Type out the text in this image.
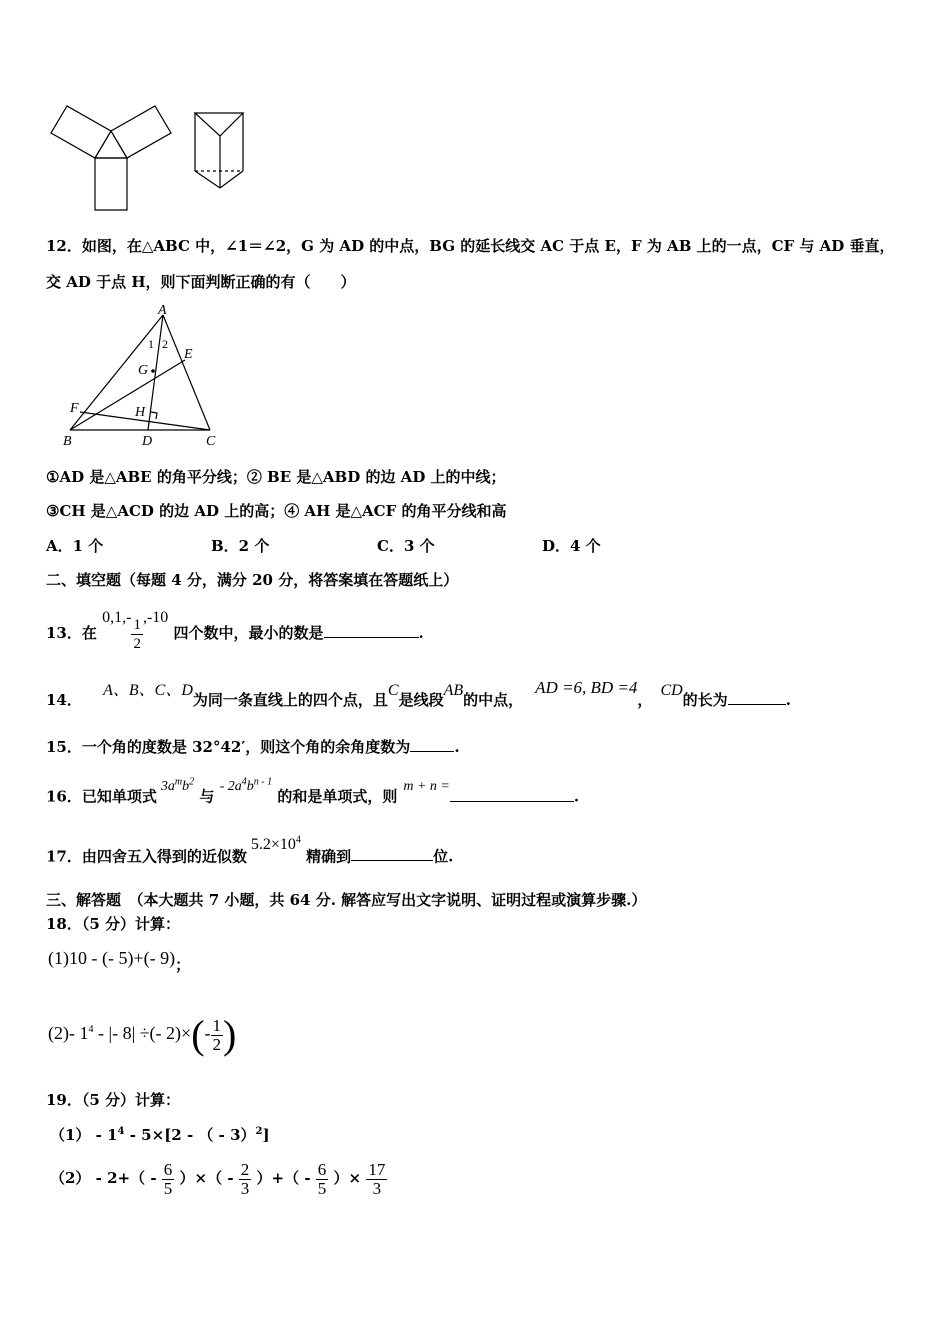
12．如图，在△ABC 中，∠1＝∠2，G 为 AD 的中点，BG 的延长线交 AC 于点 E，F 为 AB 上的一点，CF 与 AD 垂直，
交 AD 于点 H，则下面判断正确的有（　　）
A
B	C
D
E
F
G
H
1 2
①AD 是△ABE 的角平分线；② BE 是△ABD 的边 AD 上的中线；
③CH 是△ACD 的边 AD 上的高；④ AH 是△ACF 的角平分线和高
A．1 个	B．2 个	C．3 个	D．4 个
二、填空题（每题 4 分，满分 20 分，将答案填在答题纸上）
13．在 $0,1,- \frac{1}{2} ,-10$ 四个数中，最小的数是	.
14． A、B、C、D为同一条直线上的四个点，且C是线段AB的中点，AD =6, BD =4，CD的长为	.
15．一个角的度数是 32°42′，则这个角的余角度数为	.
16．已知单项式$3a^mb^2$ 与 - $2a^4b^{n - 1}$ 的和是单项式，则m + n =.
17．由四舍五入得到的近似数$5.2\times 10^4$ 精确到	位.
三、解答题　（本大题共 7 小题，共 64 分. 解答应写出文字说明、证明过程或演算步骤.）
18．（5 分）计算：
(1)10 - (- 5)+(- 9)；
(2)- $1^4$ - |- 8| ÷(- $2)\times(- \frac{1}{2}$ )
19．（5 分）计算：
$(1) - 1^4 - 5\times[2$ - （ - 3）$^2$]
$(2) - 2+( - \frac{6}{5}$ ）×（ - $\frac{2}{3}$ ）+（ - $\frac{6}{5}$ ）× $\frac{17}{3}$
